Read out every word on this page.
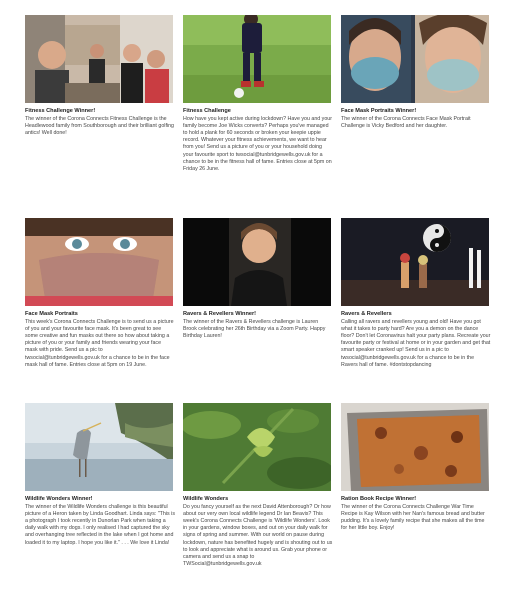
Fitness Challenge Winner!
The winner of the Corona Connects Fitness Challenge is the Headlewood family from Southborough and their brilliant golfing antics! Well done!
Fitness Challenge
How have you kept active during lockdown? Have you and your family become Joe Wicks converts? Perhaps you've managed to hold a plank for 60 seconds or broken your keepie uppie record. Whatever your fitness achievements, we want to hear from you! Send us a picture of you or your household doing your favourite sport to twsocial@tunbridgewells.gov.uk for a chance to be in the fitness hall of fame. Entries close at 5pm on Friday 26 June.
Face Mask Portraits Winner!
The winner of the Corona Connects Face Mask Portrait Challenge is Vicky Bedford and her daughter.
Face Mask Portraits
This week's Corona Connects Challenge is to send us a picture of you and your favourite face mask. It's been great to see some creative and fun masks out there so how about taking a picture of you or your family and friends wearing your face mask with pride. Send us a pic to twsocial@tunbridgewells.gov.uk for a chance to be in the face mask hall of fame. Entries close at 5pm on 19 June.
Ravers & Revellers Winner!
The winner of the Ravers & Revellers challenge is Lauren Brook celebrating her 26th Birthday via a Zoom Party. Happy Birthday Lauren!
Ravers & Revellers
Calling all ravers and revellers young and old! Have you got what it takes to party hard? Are you a demon on the dance floor? Don't let Coronavirus halt your party plans. Recreate your favourite party or festival at home or in your garden and get that smart speaker cranked up! Send us in a pic to twsocial@tunbridgewells.gov.uk for a chance to be in the Ravers hall of fame. #dontstopdancing
Wildlife Wonders Winner!
The winner of the Wildlife Wonders challenge is this beautiful picture of a Heron taken by Linda Goodhart. Linda says: "This is a photograph I took recently in Dunorlan Park when taking a daily walk with my dogs. I only realised I had captured the sky and overhanging tree reflected in the lake when I got home and loaded it to my laptop. I hope you like it." . . . We love it Linda!
Wildlife Wonders
Do you fancy yourself as the next David Attenborough? Or how about our very own local wildlife legend Dr Ian Beavis? This week's Corona Connects Challenge is 'Wildlife Wonders'. Look in your gardens, window boxes, and out on your daily walk for signs of spring and summer. With our world on pause during lockdown, nature has benefited hugely and is shouting out to us to look and appreciate what is around us. Grab your phone or camera and send us a snap to TWSocial@tunbridgewells.gov.uk
Ration Book Recipe Winner!
The winner of the Corona Connects Challenge War Time Recipe is Kay Wilson with her Nan's famous bread and butter pudding. It's a lovely family recipe that she makes all the time for her little boy. Enjoy!
